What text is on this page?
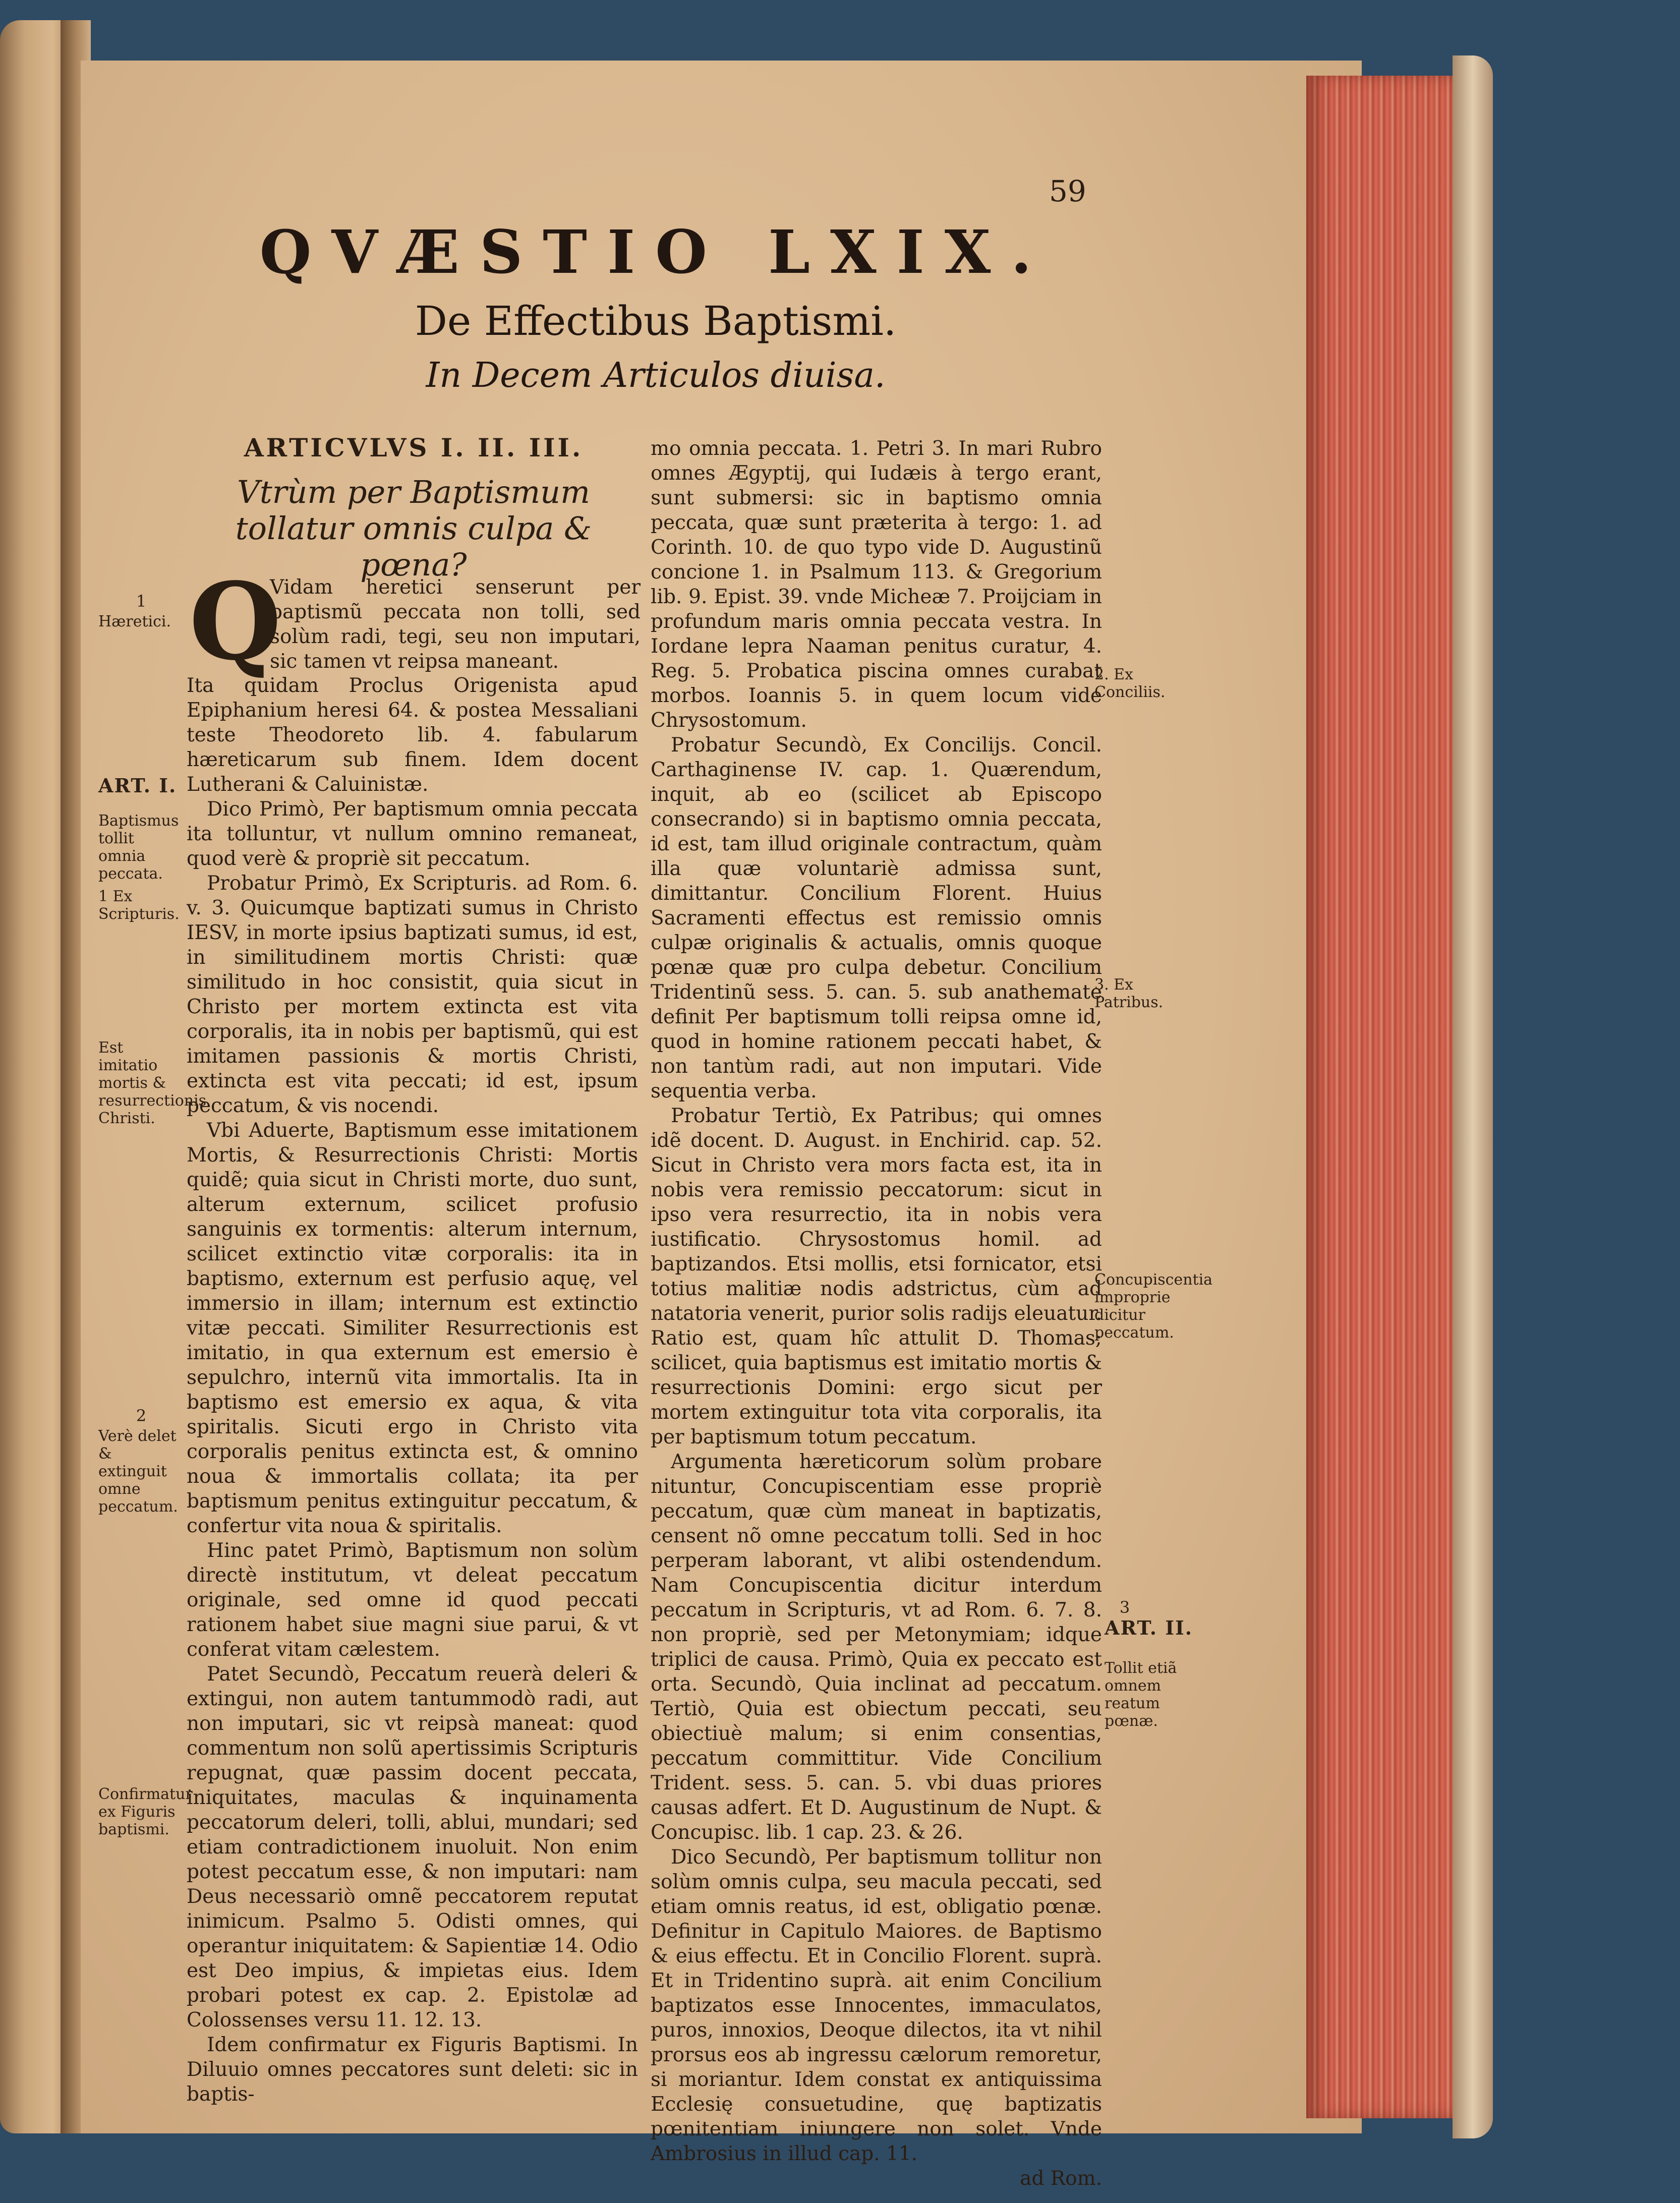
59
QVÆSTIO LXIX.
De Effectibus Baptismi.
In Decem Articulos diuisa.
ARTICVLVS I. II. III.
Vtrùm per Baptismum tollatur omnis culpa & pœna?
Q
Vidam heretici senserunt per baptismũ peccata non tolli, sed solùm radi, tegi, seu non imputari, sic tamen vt reipsa maneant.

Ita quidam Proclus Origenista apud Epiphanium heresi 64. & postea Messaliani teste Theodoreto lib. 4. fabularum hæreticarum sub finem. Idem docent Lutherani & Caluinistæ.

Dico Primò, Per baptismum omnia peccata ita tolluntur, vt nullum omnino remaneat, quod verè & propriè sit peccatum.

Probatur Primò, Ex Scripturis. ad Rom. 6. v. 3. Quicumque baptizati sumus in Christo IESV, in morte ipsius baptizati sumus, id est, in similitudinem mortis Christi: quæ similitudo in hoc consistit, quia sicut in Christo per mortem extincta est vita corporalis, ita in nobis per baptismũ, qui est imitamen passionis & mortis Christi, extincta est vita peccati; id est, ipsum peccatum, & vis nocendi.

Vbi Aduerte, Baptismum esse imitationem Mortis, & Resurrectionis Christi: Mortis quidẽ; quia sicut in Christi morte, duo sunt, alterum externum, scilicet profusio sanguinis ex tormentis: alterum internum, scilicet extinctio vitæ corporalis: ita in baptismo, externum est perfusio aquę, vel immersio in illam; internum est extinctio vitæ peccati. Similiter Resurrectionis est imitatio, in qua externum est emersio è sepulchro, internũ vita immortalis. Ita in baptismo est emersio ex aqua, & vita spiritalis. Sicuti ergo in Christo vita corporalis penitus extincta est, & omnino noua & immortalis collata; ita per baptismum penitus extinguitur peccatum, & confertur vita noua & spiritalis.

Hinc patet Primò, Baptismum non solùm directè institutum, vt deleat peccatum originale, sed omne id quod peccati rationem habet siue magni siue parui, & vt conferat vitam cælestem.

Patet Secundò, Peccatum reuerà deleri & extingui, non autem tantummodò radi, aut non imputari, sic vt reipsà maneat: quod commentum non solũ apertissimis Scripturis repugnat, quæ passim docent peccata, iniquitates, maculas & inquinamenta peccatorum deleri, tolli, ablui, mundari; sed etiam contradictionem inuoluit. Non enim potest peccatum esse, & non imputari: nam Deus necessariò omnẽ peccatorem reputat inimicum. Psalmo 5. Odisti omnes, qui operantur iniquitatem: & Sapientiæ 14. Odio est Deo impius, & impietas eius. Idem probari potest ex cap. 2. Epistolæ ad Colossenses versu 11. 12. 13.

Idem confirmatur ex Figuris Baptismi. In Diluuio omnes peccatores sunt deleti: sic in baptis-

mo omnia peccata. 1. Petri 3. In mari Rubro omnes Ægyptij, qui Iudæis à tergo erant, sunt submersi: sic in baptismo omnia peccata, quæ sunt præterita à tergo: 1. ad Corinth. 10. de quo typo vide D. Augustinũ concione 1. in Psalmum 113. & Gregorium lib. 9. Epist. 39. vnde Micheæ 7. Proijciam in profundum maris omnia peccata vestra. In Iordane lepra Naaman penitus curatur, 4. Reg. 5. Probatica piscina omnes curabat morbos. Ioannis 5. in quem locum vide Chrysostomum.

Probatur Secundò, Ex Concilijs. Concil. Carthaginense IV. cap. 1. Quærendum, inquit, ab eo (scilicet ab Episcopo consecrando) si in baptismo omnia peccata, id est, tam illud originale contractum, quàm illa quæ voluntariè admissa sunt, dimittantur. Concilium Florent. Huius Sacramenti effectus est remissio omnis culpæ originalis & actualis, omnis quoque pœnæ quæ pro culpa debetur. Concilium Tridentinũ sess. 5. can. 5. sub anathemate definit Per baptismum tolli reipsa omne id, quod in homine rationem peccati habet, & non tantùm radi, aut non imputari. Vide sequentia verba.

Probatur Tertiò, Ex Patribus; qui omnes idẽ docent. D. August. in Enchirid. cap. 52. Sicut in Christo vera mors facta est, ita in nobis vera remissio peccatorum: sicut in ipso vera resurrectio, ita in nobis vera iustificatio. Chrysostomus homil. ad baptizandos. Etsi mollis, etsi fornicator, etsi totius malitiæ nodis adstrictus, cùm ad natatoria venerit, purior solis radijs eleuatur. Ratio est, quam hîc attulit D. Thomas; scilicet, quia baptismus est imitatio mortis & resurrectionis Domini: ergo sicut per mortem extinguitur tota vita corporalis, ita per baptismum totum peccatum.

Argumenta hæreticorum solùm probare nituntur, Concupiscentiam esse propriè peccatum, quæ cùm maneat in baptizatis, censent nõ omne peccatum tolli. Sed in hoc perperam laborant, vt alibi ostendendum. Nam Concupiscentia dicitur interdum peccatum in Scripturis, vt ad Rom. 6. 7. 8. non propriè, sed per Metonymiam; idque triplici de causa. Primò, Quia ex peccato est orta. Secundò, Quia inclinat ad peccatum. Tertiò, Quia est obiectum peccati, seu obiectiuè malum; si enim consentias, peccatum committitur. Vide Concilium Trident. sess. 5. can. 5. vbi duas priores causas adfert. Et D. Augustinum de Nupt. & Concupisc. lib. 1 cap. 23. & 26.

Dico Secundò, Per baptismum tollitur non solùm omnis culpa, seu macula peccati, sed etiam omnis reatus, id est, obligatio pœnæ. Definitur in Capitulo Maiores. de Baptismo & eius effectu. Et in Concilio Florent. suprà. Et in Tridentino suprà. ait enim Concilium baptizatos esse Innocentes, immaculatos, puros, innoxios, Deoque dilectos, ita vt nihil prorsus eos ab ingressu cælorum remoretur, si moriantur. Idem constat ex antiquissima Ecclesię consuetudine, quę baptizatis pœnitentiam iniungere non solet. Vnde Ambrosius in illud cap. 11.

ad Rom.

1
Hæretici.
ART. I.
Baptismus tollit omnia peccata.
1 Ex Scripturis.
Est imitatio mortis & resurrectionis Christi.
2
Verè delet & extinguit omne peccatum.
Confirmatur ex Figuris baptismi.
2. Ex Conciliis.
3. Ex Patribus.
Concupiscentia improprie dicitur peccatum.
3
ART. II.
Tollit etiã omnem reatum pœnæ.
